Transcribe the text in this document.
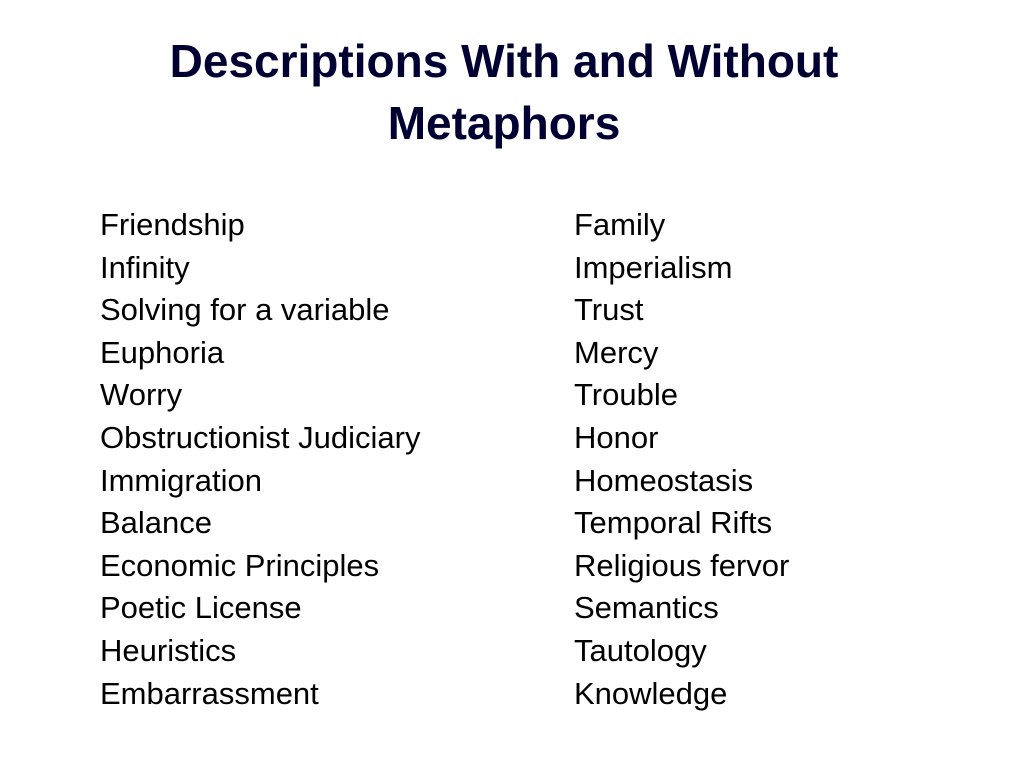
Descriptions With and Without
Metaphors
Friendship
Infinity
Solving for a variable
Euphoria
Worry
Obstructionist Judiciary
Immigration
Balance
Economic Principles
Poetic License
Heuristics
Embarrassment
Family
Imperialism
Trust
Mercy
Trouble
Honor
Homeostasis
Temporal Rifts
Religious fervor
Semantics
Tautology
Knowledge
